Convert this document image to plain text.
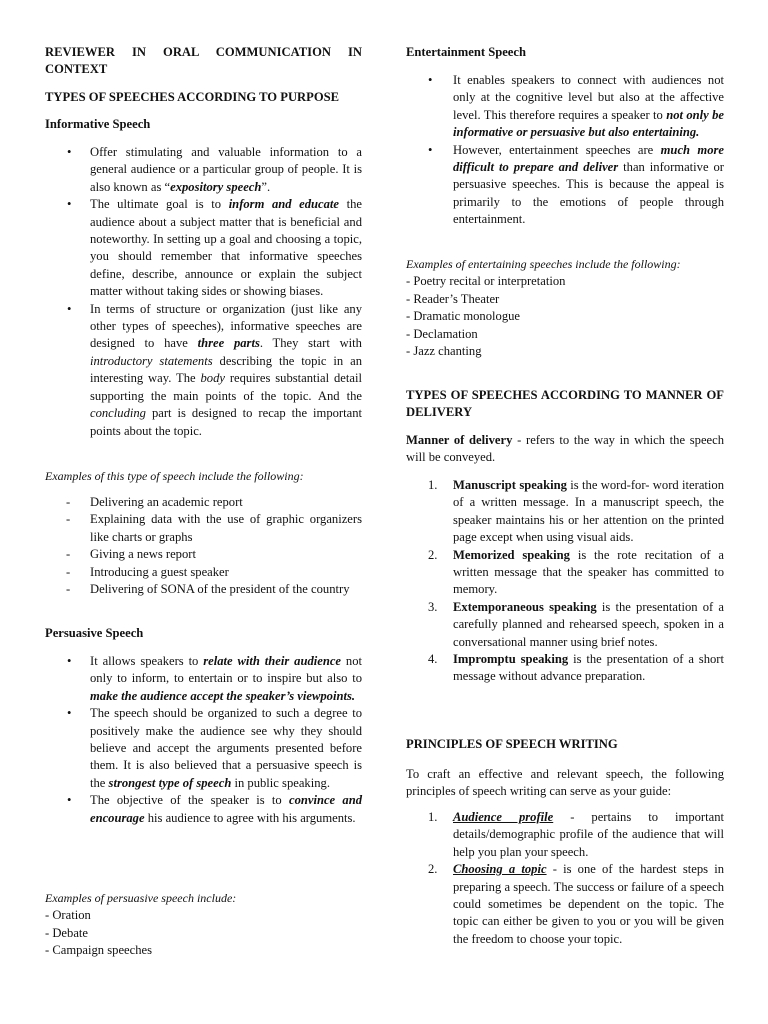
REVIEWER IN ORAL COMMUNICATION IN CONTEXT

TYPES OF SPEECHES ACCORDING TO PURPOSE

Informative Speech

• Offer stimulating and valuable information to a general audience or a particular group of people. It is also known as “expository speech”.
• The ultimate goal is to inform and educate the audience about a subject matter that is beneficial and noteworthy. In setting up a goal and choosing a topic, you should remember that informative speeches define, describe, announce or explain the subject matter without taking sides or showing biases.
• In terms of structure or organization (just like any other types of speeches), informative speeches are designed to have three parts. They start with introductory statements describing the topic in an interesting way. The body requires substantial detail supporting the main points of the topic. And the concluding part is designed to recap the important points about the topic.

Examples of this type of speech include the following:

- Delivering an academic report
- Explaining data with the use of graphic organizers like charts or graphs
- Giving a news report
- Introducing a guest speaker
- Delivering of SONA of the president of the country

Persuasive Speech

• It allows speakers to relate with their audience not only to inform, to entertain or to inspire but also to make the audience accept the speaker’s viewpoints.
• The speech should be organized to such a degree to positively make the audience see why they should believe and accept the arguments presented before them. It is also believed that a persuasive speech is the strongest type of speech in public speaking.
• The objective of the speaker is to convince and encourage his audience to agree with his arguments.

Examples of persuasive speech include:

- Oration
- Debate
- Campaign speeches

Entertainment Speech

• It enables speakers to connect with audiences not only at the cognitive level but also at the affective level. This therefore requires a speaker to not only be informative or persuasive but also entertaining.
• However, entertainment speeches are much more difficult to prepare and deliver than informative or persuasive speeches. This is because the appeal is primarily to the emotions of people through entertainment.

Examples of entertaining speeches include the following:

- Poetry recital or interpretation
- Reader’s Theater
- Dramatic monologue
- Declamation
- Jazz chanting

TYPES OF SPEECHES ACCORDING TO MANNER OF DELIVERY

Manner of delivery - refers to the way in which the speech will be conveyed.

1. Manuscript speaking is the word-for- word iteration of a written message. In a manuscript speech, the speaker maintains his or her attention on the printed page except when using visual aids.
2. Memorized speaking is the rote recitation of a written message that the speaker has committed to memory.
3. Extemporaneous speaking is the presentation of a carefully planned and rehearsed speech, spoken in a conversational manner using brief notes.
4. Impromptu speaking is the presentation of a short message without advance preparation.

PRINCIPLES OF SPEECH WRITING

To craft an effective and relevant speech, the following principles of speech writing can serve as your guide:

1. Audience profile - pertains to important details/demographic profile of the audience that will help you plan your speech.
2. Choosing a topic - is one of the hardest steps in preparing a speech. The success or failure of a speech could sometimes be dependent on the topic. The topic can either be given to you or you will be given the freedom to choose your topic.
